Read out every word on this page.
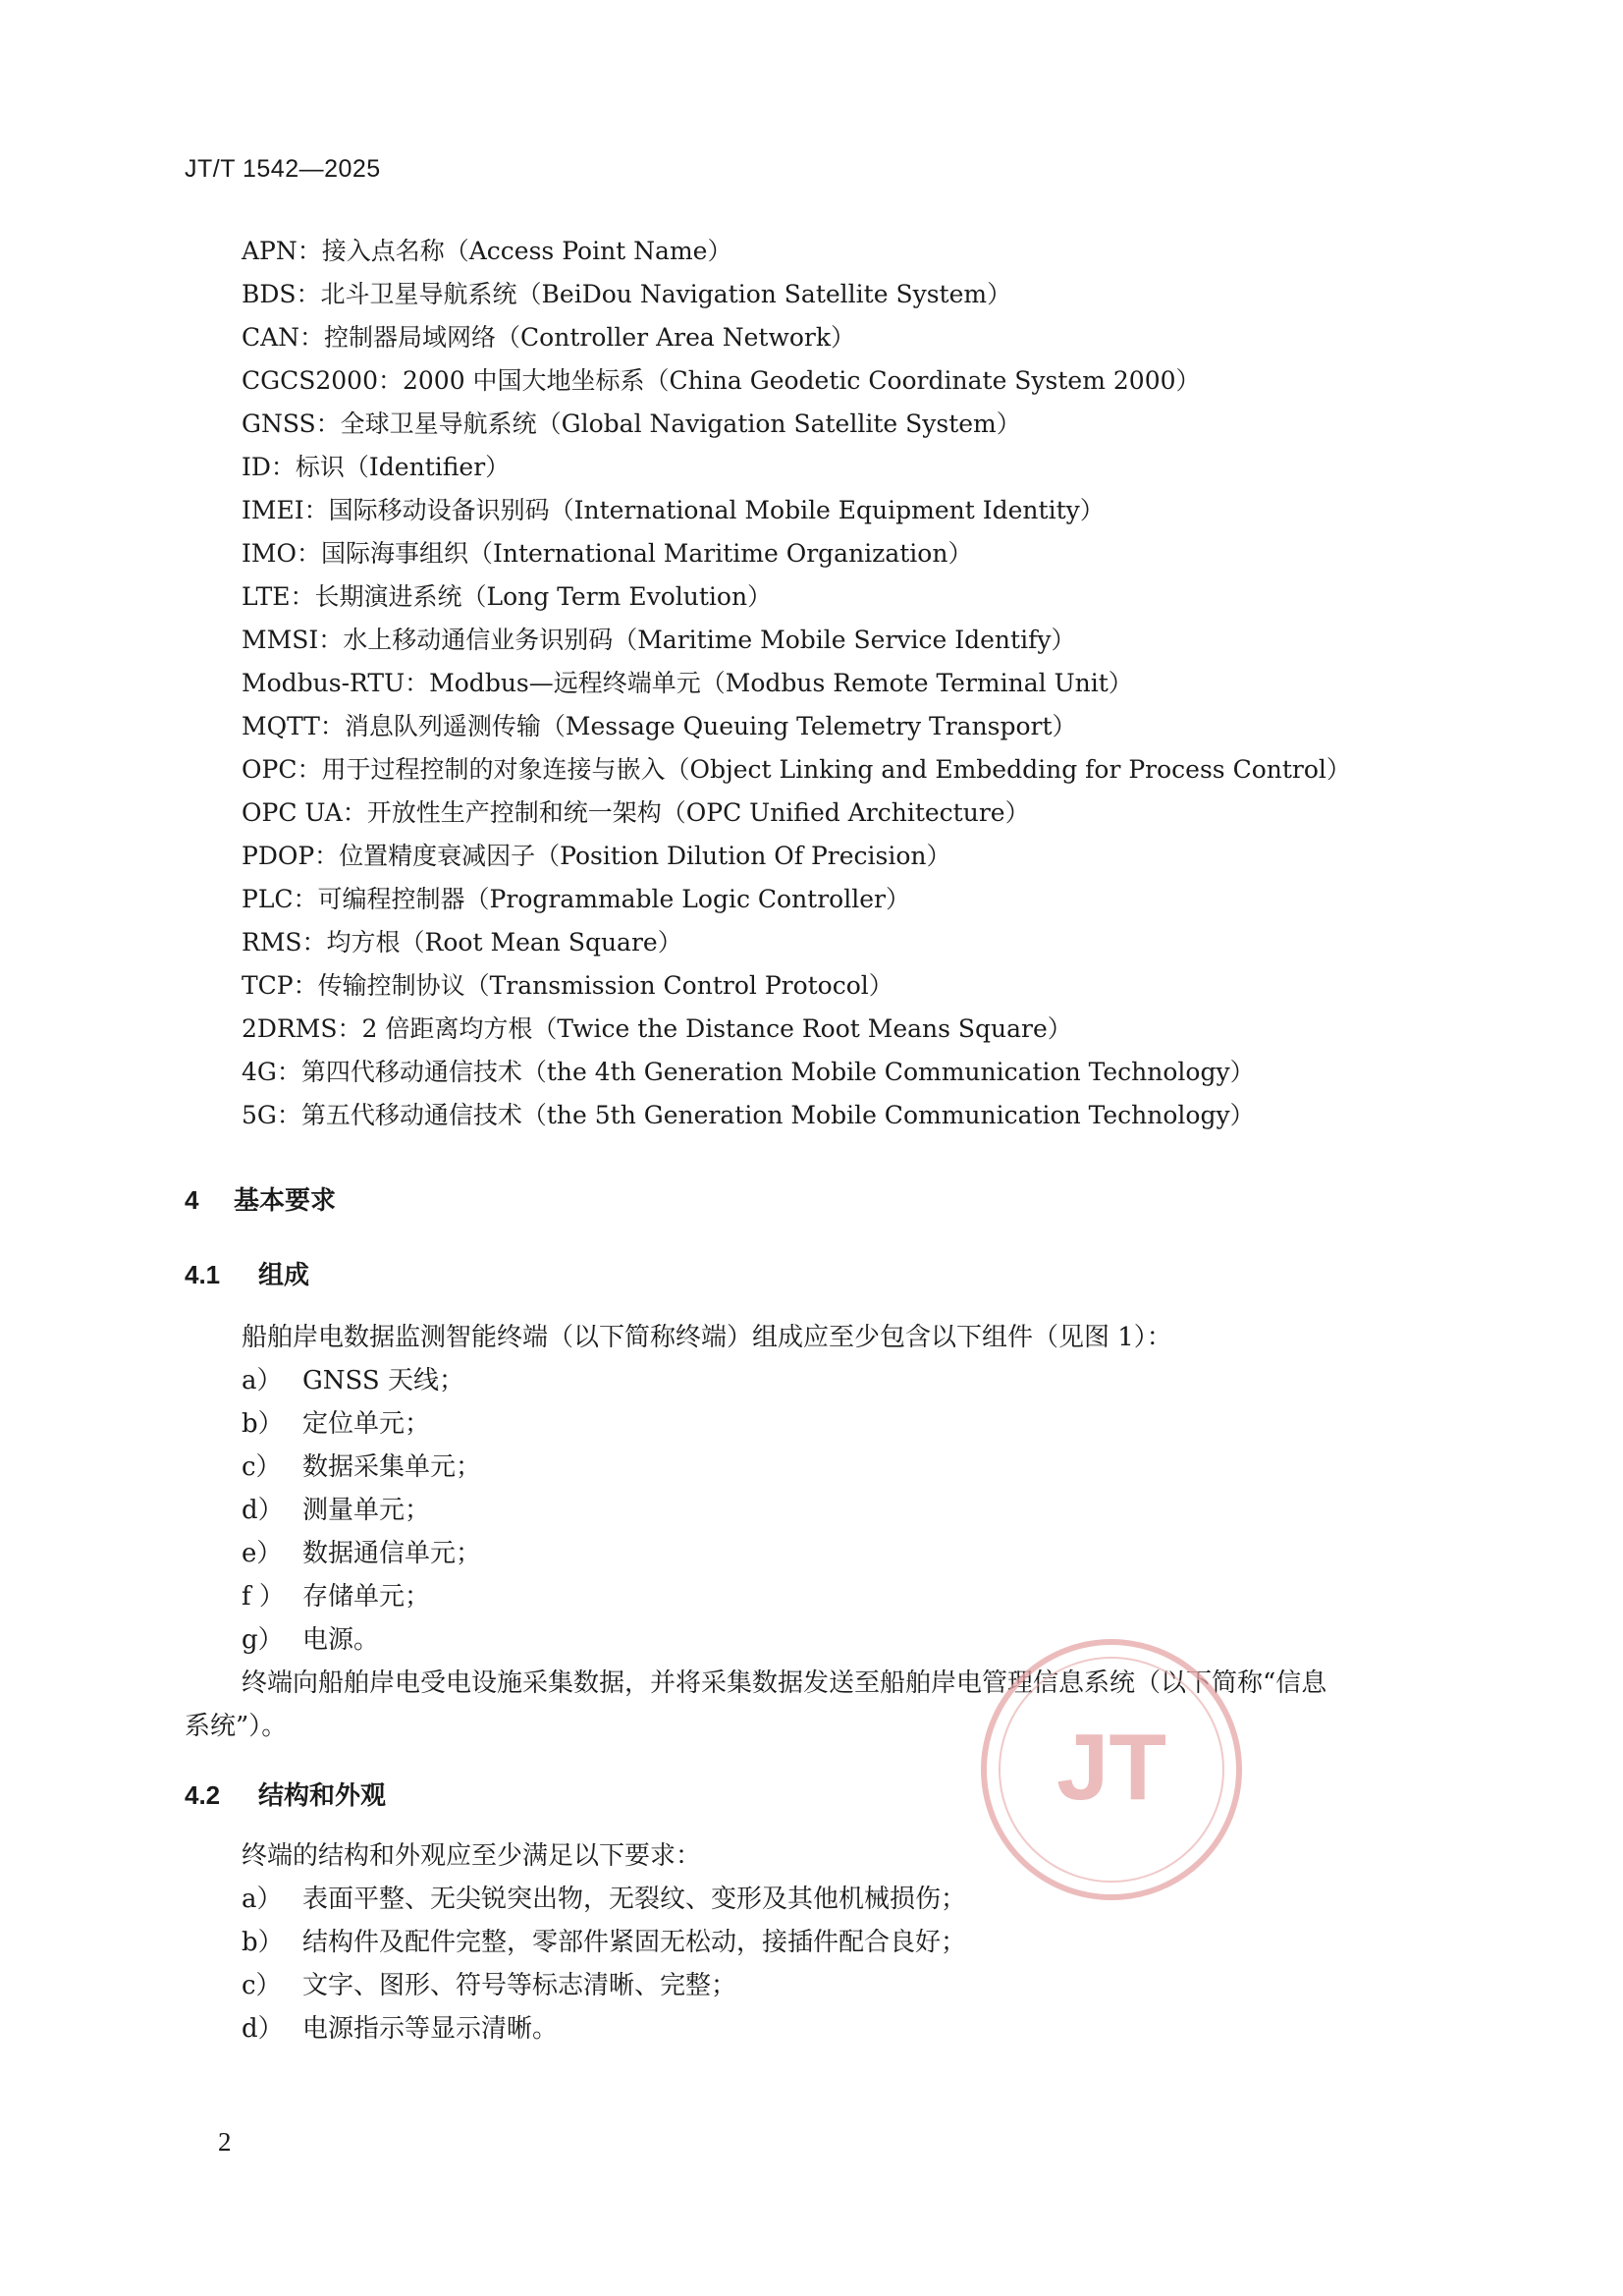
JT/T 1542—2025
APN：接入点名称（Access Point Name）
BDS：北斗卫星导航系统（BeiDou Navigation Satellite System）
CAN：控制器局域网络（Controller Area Network）
CGCS2000：2000 中国大地坐标系（China Geodetic Coordinate System 2000）
GNSS：全球卫星导航系统（Global Navigation Satellite System）
ID：标识（Identifier）
IMEI：国际移动设备识别码（International Mobile Equipment Identity）
IMO：国际海事组织（International Maritime Organization）
LTE：长期演进系统（Long Term Evolution）
MMSI：水上移动通信业务识别码（Maritime Mobile Service Identify）
Modbus-RTU：Modbus—远程终端单元（Modbus Remote Terminal Unit）
MQTT：消息队列遥测传输（Message Queuing Telemetry Transport）
OPC：用于过程控制的对象连接与嵌入（Object Linking and Embedding for Process Control）
OPC UA：开放性生产控制和统一架构（OPC Unified Architecture）
PDOP：位置精度衰减因子（Position Dilution Of Precision）
PLC：可编程控制器（Programmable Logic Controller）
RMS：均方根（Root Mean Square）
TCP：传输控制协议（Transmission Control Protocol）
2DRMS：2 倍距离均方根（Twice the Distance Root Means Square）
4G：第四代移动通信技术（the 4th Generation Mobile Communication Technology）
5G：第五代移动通信技术（the 5th Generation Mobile Communication Technology）
4 基本要求
4.1 组成
船舶岸电数据监测智能终端（以下简称终端）组成应至少包含以下组件（见图 1）：
a） GNSS 天线；
b） 定位单元；
c） 数据采集单元；
d） 测量单元；
e） 数据通信单元；
f ） 存储单元；
g） 电源。
终端向船舶岸电受电设施采集数据，并将采集数据发送至船舶岸电管理信息系统（以下简称“信息
系统”）。
4.2 结构和外观
终端的结构和外观应至少满足以下要求：
a） 表面平整、无尖锐突出物，无裂纹、变形及其他机械损伤；
b） 结构件及配件完整，零部件紧固无松动，接插件配合良好；
c） 文字、图形、符号等标志清晰、完整；
d） 电源指示等显示清晰。
JT
2
